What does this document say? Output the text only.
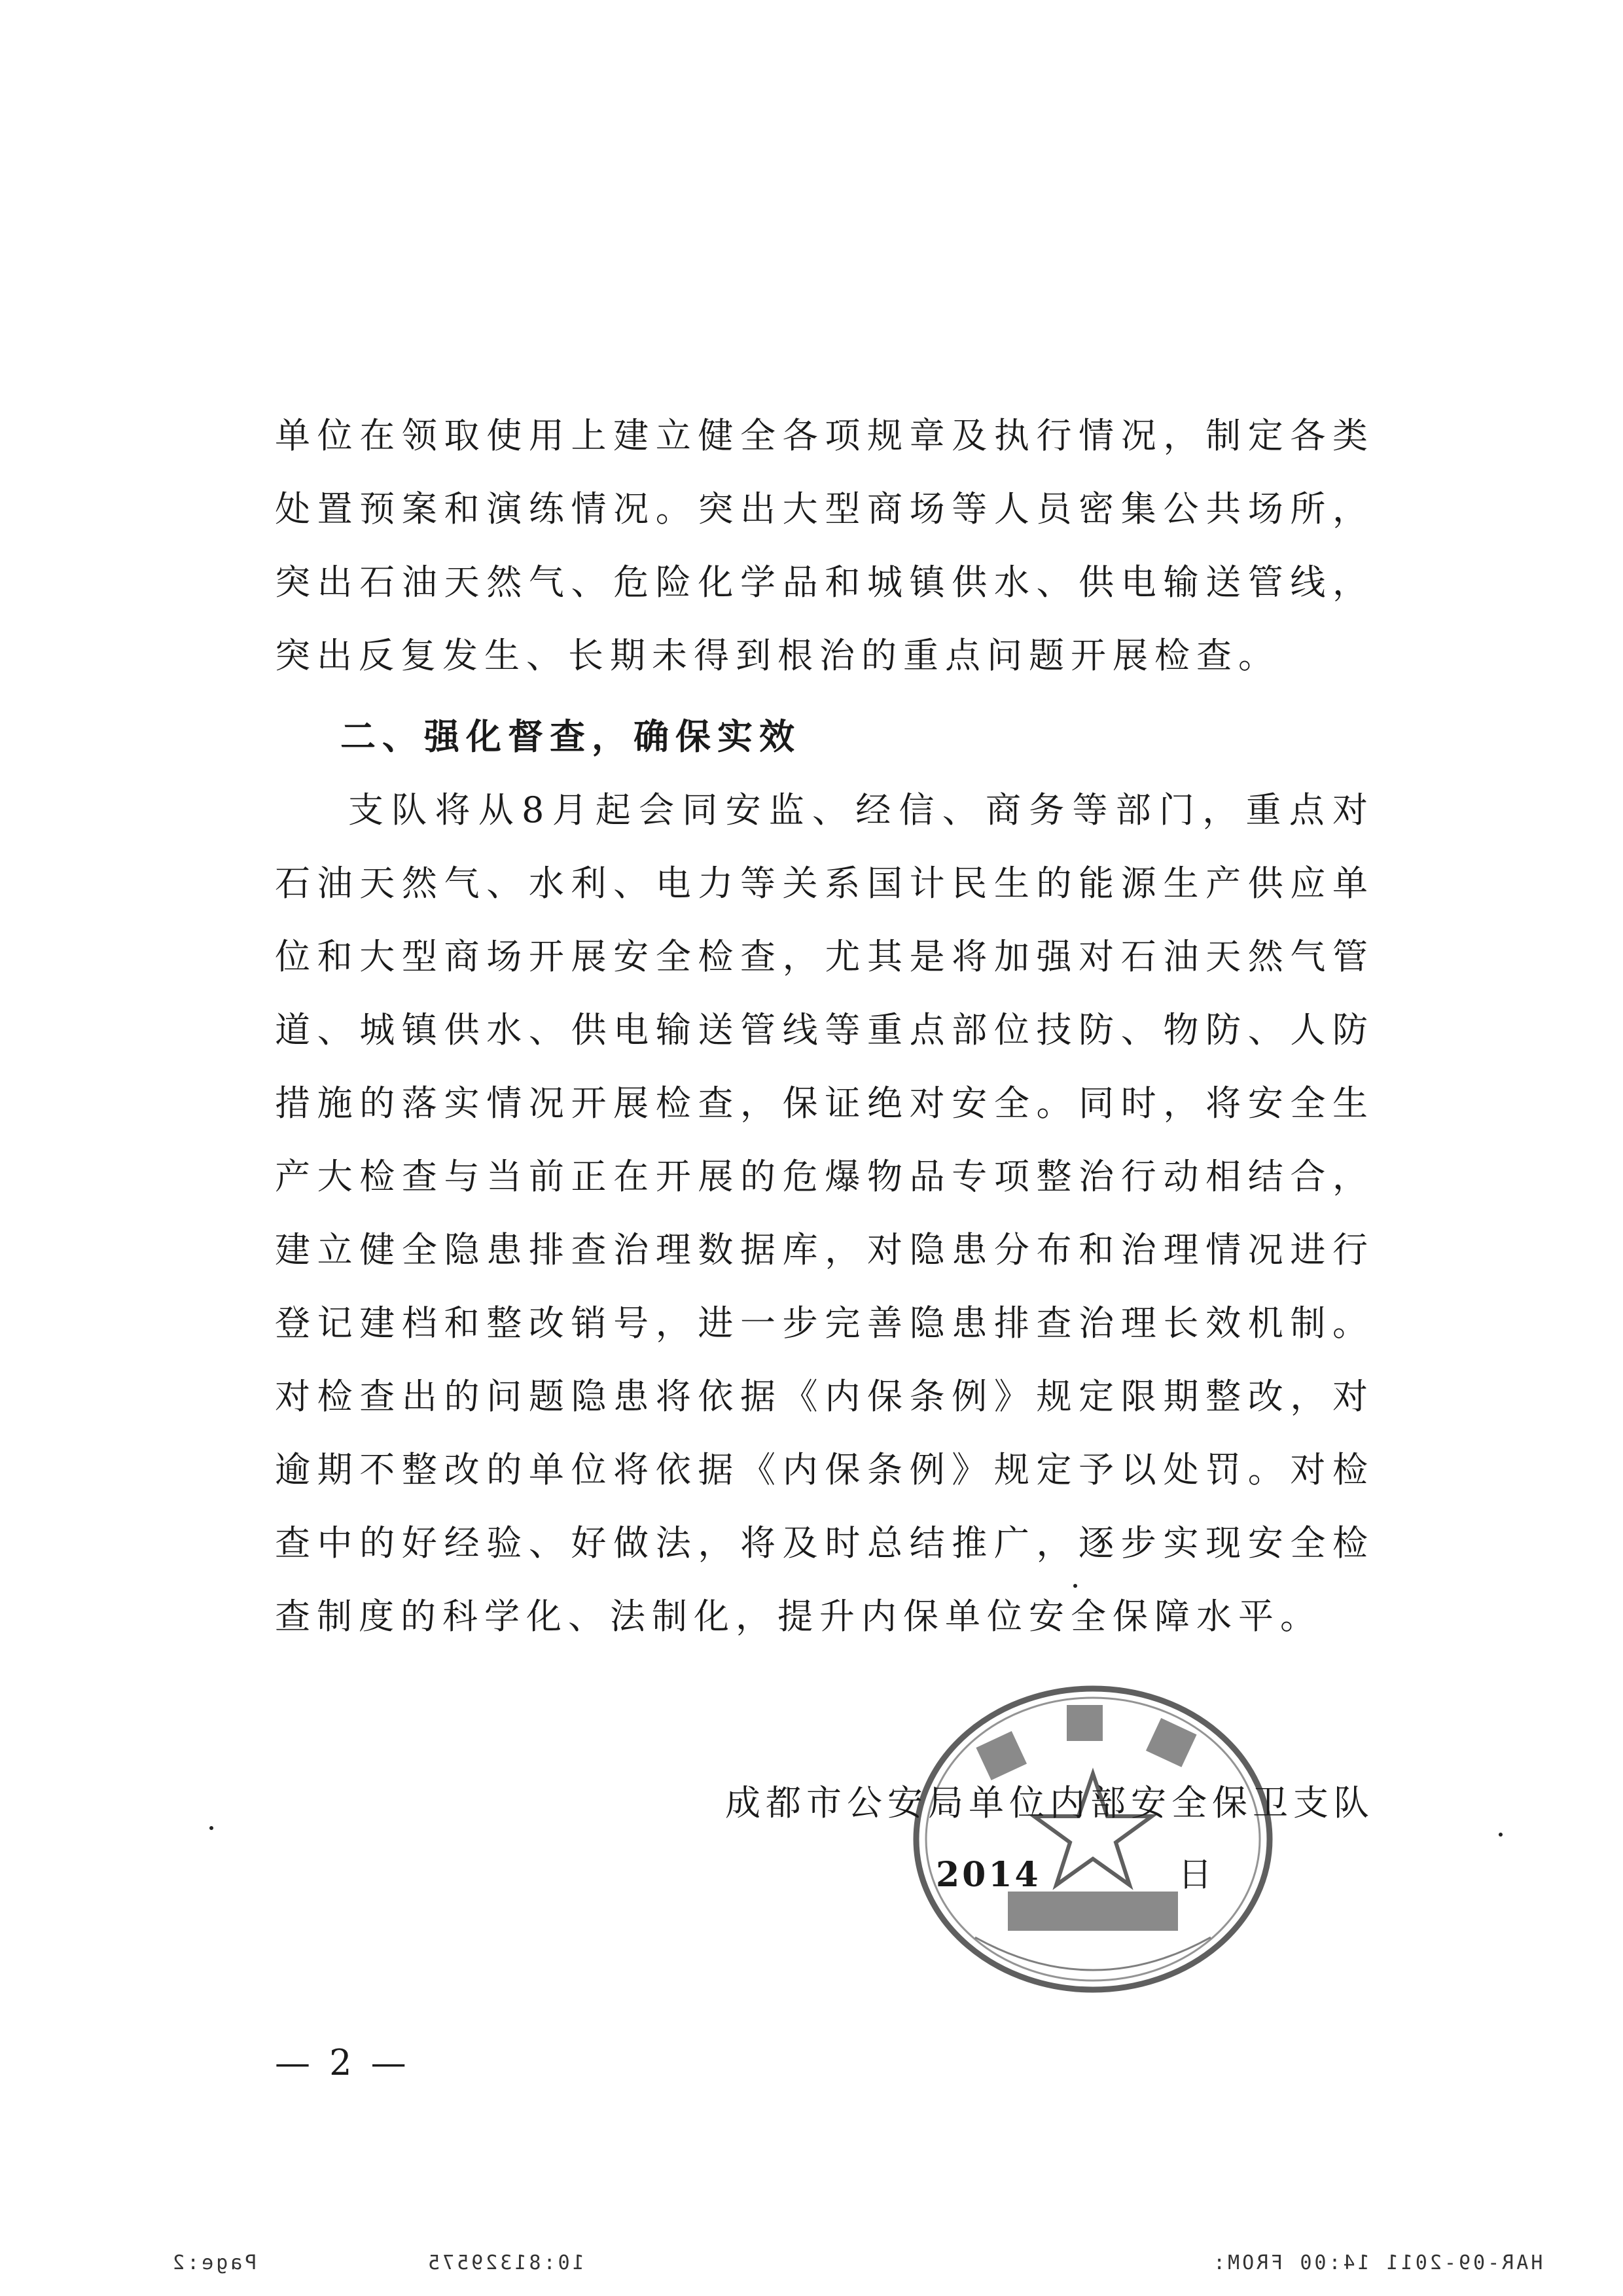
单位在领取使用上建立健全各项规章及执行情况，制定各类处置预案和演练情况。突出大型商场等人员密集公共场所，突出石油天然气、危险化学品和城镇供水、供电输送管线，突出反复发生、长期未得到根治的重点问题开展检查。
二、强化督查，确保实效
支队将从8月起会同安监、经信、商务等部门，重点对石油天然气、水利、电力等关系国计民生的能源生产供应单位和大型商场开展安全检查，尤其是将加强对石油天然气管道、城镇供水、供电输送管线等重点部位技防、物防、人防措施的落实情况开展检查，保证绝对安全。同时，将安全生产大检查与当前正在开展的危爆物品专项整治行动相结合，建立健全隐患排查治理数据库，对隐患分布和治理情况进行登记建档和整改销号，进一步完善隐患排查治理长效机制。对检查出的问题隐患将依据《内保条例》规定限期整改，对逾期不整改的单位将依据《内保条例》规定予以处罚。对检查中的好经验、好做法，将及时总结推广，逐步实现安全检查制度的科学化、法制化，提升内保单位安全保障水平。
成都市公安局单位内部安全保卫支队
2014	日
— 2 —
Page:2	10:81329575	HAR-09-2011 14:00 FROM:
